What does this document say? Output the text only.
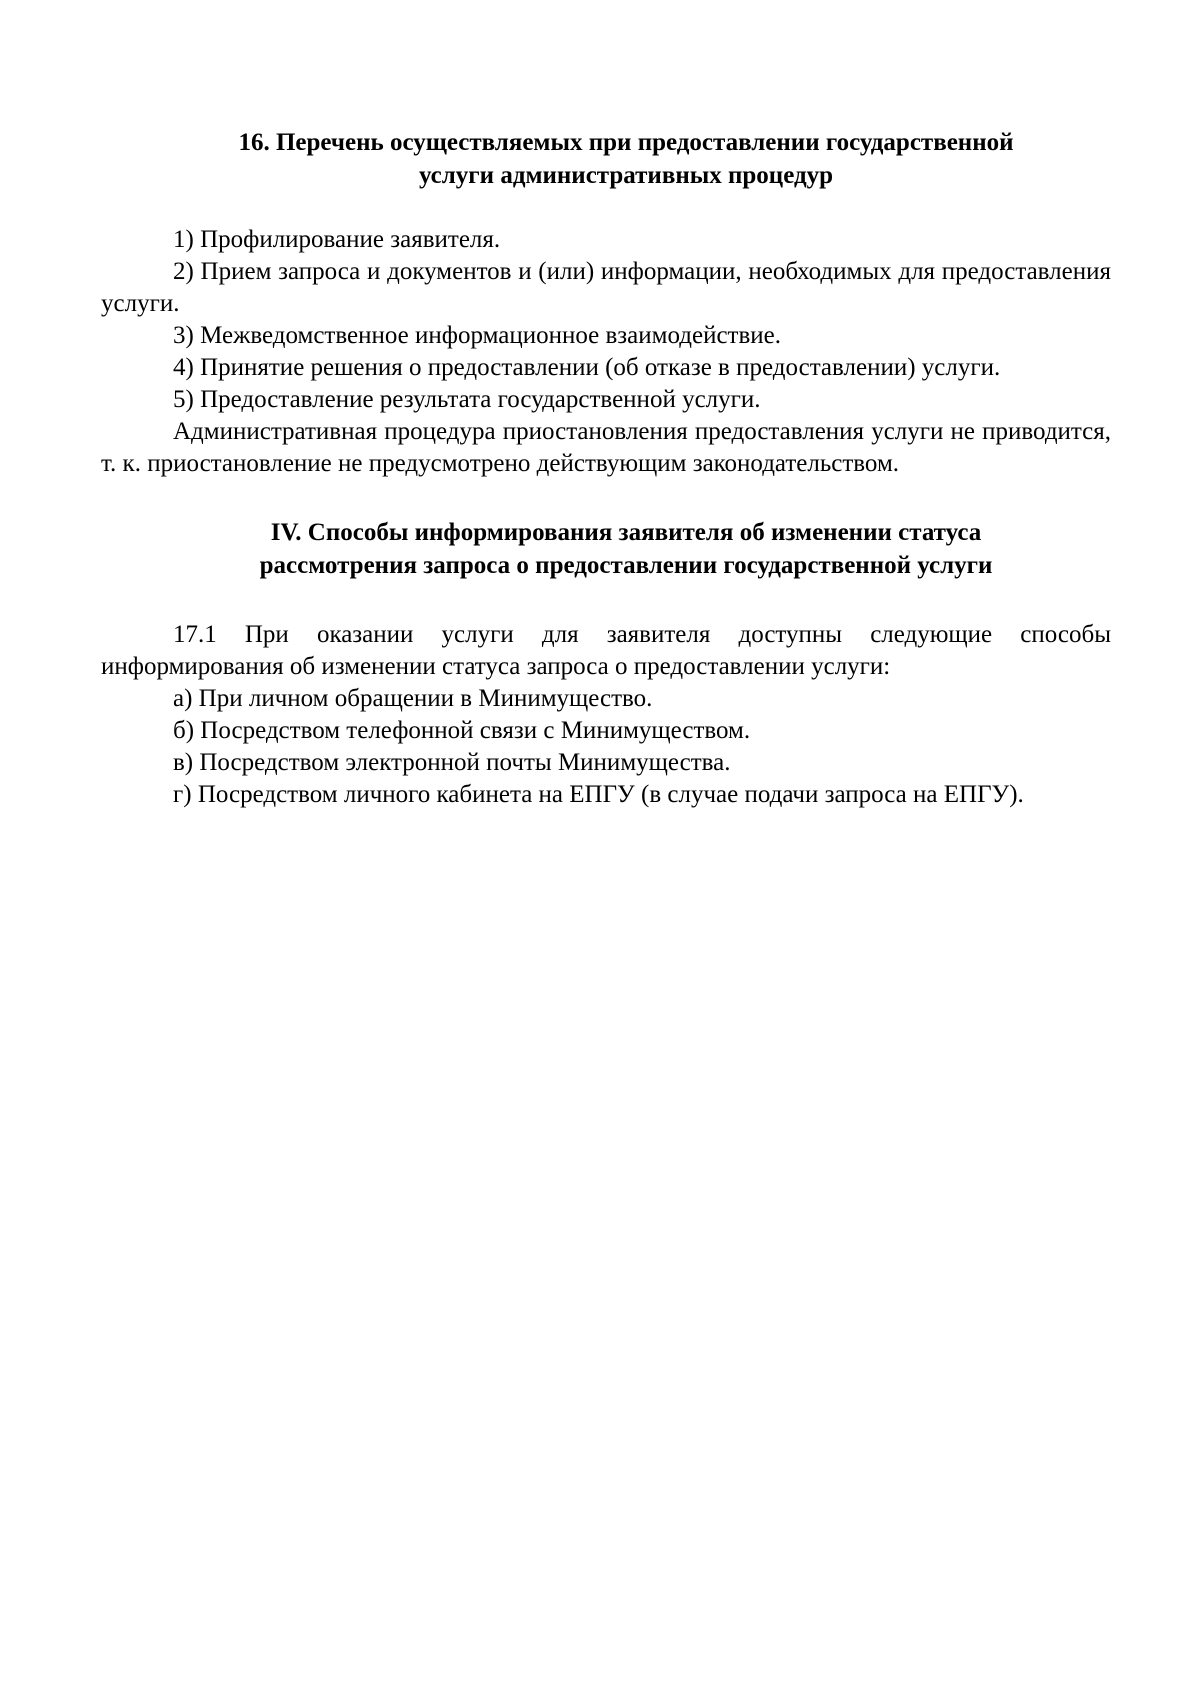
16. Перечень осуществляемых при предоставлении государственной
услуги административных процедур

1) Профилирование заявителя.

2) Прием запроса и документов и (или) информации, необходимых для предоставления услуги.

3) Межведомственное информационное взаимодействие.

4) Принятие решения о предоставлении (об отказе в предоставлении) услуги.

5) Предоставление результата государственной услуги.

Административная процедура приостановления предоставления услуги не приводится, т. к. приостановление не предусмотрено действующим законодательством.

IV. Способы информирования заявителя об изменении статуса
рассмотрения запроса о предоставлении государственной услуги

17.1 При оказании услуги для заявителя доступны следующие способы информирования об изменении статуса запроса о предоставлении услуги:

а) При личном обращении в Минимущество.

б) Посредством телефонной связи с Минимуществом.

в) Посредством электронной почты Минимущества.

г) Посредством личного кабинета на ЕПГУ (в случае подачи запроса на ЕПГУ).
